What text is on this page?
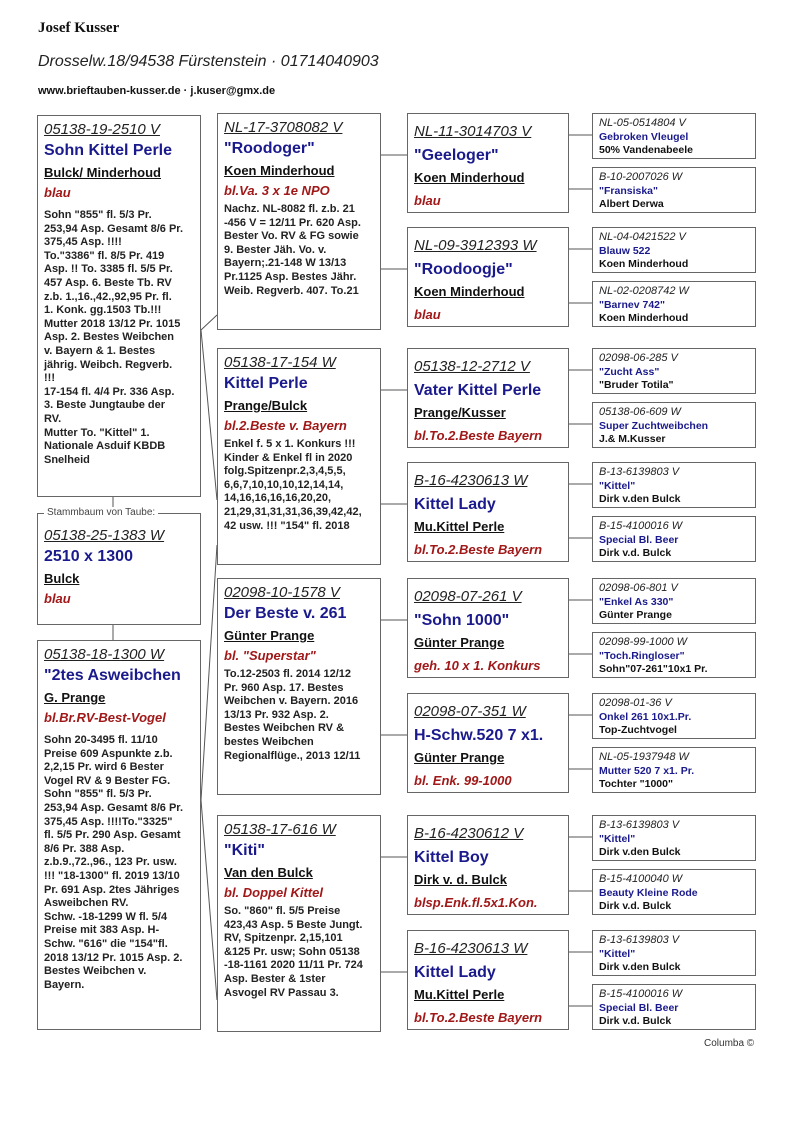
Josef Kusser
Drosselw.18/94538 Fürstenstein · 01714040903
www.brieftauben-kusser.de · j.kuser@gmx.de
05138-25-1383 W
2510 x 1300
Bulck
blau
Stammbaum von Taube:
05138-19-2510 V
Sohn Kittel Perle
Bulck/ Minderhoud
blau
Sohn "855" fl. 5/3 Pr.
253,94 Asp. Gesamt 8/6 Pr.
375,45 Asp. !!!!
To."3386" fl. 8/5 Pr. 419
Asp. !! To. 3385 fl. 5/5 Pr.
457 Asp. 6. Beste Tb. RV
z.b. 1.,16.,42.,92,95 Pr. fl.
1. Konk. gg.1503 Tb.!!!
Mutter 2018 13/12 Pr. 1015
Asp. 2. Bestes Weibchen
v. Bayern & 1. Bestes
jährig. Weibch. Regverb.
!!!
17-154 fl. 4/4 Pr. 336 Asp.
3. Beste Jungtaube der
RV.
Mutter To. "Kittel" 1.
Nationale Asduif KBDB
Snelheid
05138-18-1300 W
"2tes Asweibchen
G. Prange
bl.Br.RV-Best-Vogel
Sohn 20-3495 fl. 11/10
Preise 609 Aspunkte z.b.
2,2,15 Pr. wird 6 Bester
Vogel RV & 9 Bester FG.
Sohn "855" fl. 5/3 Pr.
253,94 Asp. Gesamt 8/6 Pr.
375,45 Asp. !!!!To."3325"
fl. 5/5 Pr. 290 Asp. Gesamt
8/6 Pr. 388 Asp.
z.b.9.,72.,96., 123 Pr. usw.
!!! "18-1300" fl. 2019 13/10
Pr. 691 Asp. 2tes Jähriges
Asweibchen RV.
Schw. -18-1299 W fl. 5/4
Preise mit 383 Asp. H-
Schw. "616" die "154"fl.
2018 13/12 Pr. 1015 Asp. 2.
Bestes Weibchen v.
Bayern.
NL-17-3708082 V
"Roodoger"
Koen Minderhoud
bl.Va. 3 x 1e NPO
Nachz. NL-8082 fl. z.b. 21
-456 V = 12/11 Pr. 620 Asp.
Bester Vo. RV & FG sowie
9. Bester Jäh. Vo. v.
Bayern;.21-148 W 13/13
Pr.1125 Asp. Bestes Jähr.
Weib. Regverb. 407. To.21
05138-17-154 W
Kittel Perle
Prange/Bulck
bl.2.Beste v. Bayern
Enkel f. 5 x 1. Konkurs !!!
Kinder & Enkel fl in 2020
folg.Spitzenpr.2,3,4,5,5,
6,6,7,10,10,10,12,14,14,
14,16,16,16,16,20,20,
21,29,31,31,31,36,39,42,42,
42 usw. !!! "154" fl. 2018
02098-10-1578 V
Der Beste v. 261
Günter Prange
bl. "Superstar"
To.12-2503 fl. 2014 12/12
Pr. 960 Asp. 17. Bestes
Weibchen v. Bayern. 2016
13/13 Pr. 932 Asp. 2.
Bestes Weibchen RV &
bestes Weibchen
Regionalflüge., 2013 12/11
05138-17-616 W
"Kiti"
Van den Bulck
bl. Doppel Kittel
So. "860" fl. 5/5 Preise
423,43 Asp. 5 Beste Jungt.
RV, Spitzenpr. 2,15,101
&125 Pr. usw; Sohn 05138
-18-1161 2020 11/11 Pr. 724
Asp. Bester & 1ster
Asvogel RV Passau 3.
NL-11-3014703 V
"Geeloger"
Koen Minderhoud
blau
NL-09-3912393 W
"Roodoogje"
Koen Minderhoud
blau
05138-12-2712 V
Vater Kittel Perle
Prange/Kusser
bl.To.2.Beste Bayern
B-16-4230613 W
Kittel Lady
Mu.Kittel Perle
bl.To.2.Beste Bayern
02098-07-261 V
"Sohn 1000"
Günter Prange
geh. 10 x 1. Konkurs
02098-07-351 W
H-Schw.520 7 x1.
Günter Prange
bl. Enk. 99-1000
B-16-4230612 V
Kittel Boy
Dirk v. d. Bulck
blsp.Enk.fl.5x1.Kon.
B-16-4230613 W
Kittel Lady
Mu.Kittel Perle
bl.To.2.Beste Bayern
NL-05-0514804 V
Gebroken Vleugel
50% Vandenabeele
B-10-2007026 W
"Fransiska"
Albert Derwa
NL-04-0421522 V
Blauw 522
Koen Minderhoud
NL-02-0208742 W
"Barnev 742"
Koen Minderhoud
02098-06-285 V
"Zucht Ass"
"Bruder Totila"
05138-06-609 W
Super Zuchtweibchen
J.& M.Kusser
B-13-6139803 V
"Kittel"
Dirk v.den Bulck
B-15-4100016 W
Special Bl. Beer
Dirk v.d. Bulck
02098-06-801 V
"Enkel As 330"
Günter Prange
02098-99-1000 W
"Toch.Ringloser"
Sohn"07-261"10x1 Pr.
02098-01-36 V
Onkel 261 10x1.Pr.
Top-Zuchtvogel
NL-05-1937948 W
Mutter 520 7 x1. Pr.
Tochter "1000"
B-13-6139803 V
"Kittel"
Dirk v.den Bulck
B-15-4100040 W
Beauty Kleine Rode
Dirk v.d. Bulck
B-13-6139803 V
"Kittel"
Dirk v.den Bulck
B-15-4100016 W
Special Bl. Beer
Dirk v.d. Bulck
Columba ©
